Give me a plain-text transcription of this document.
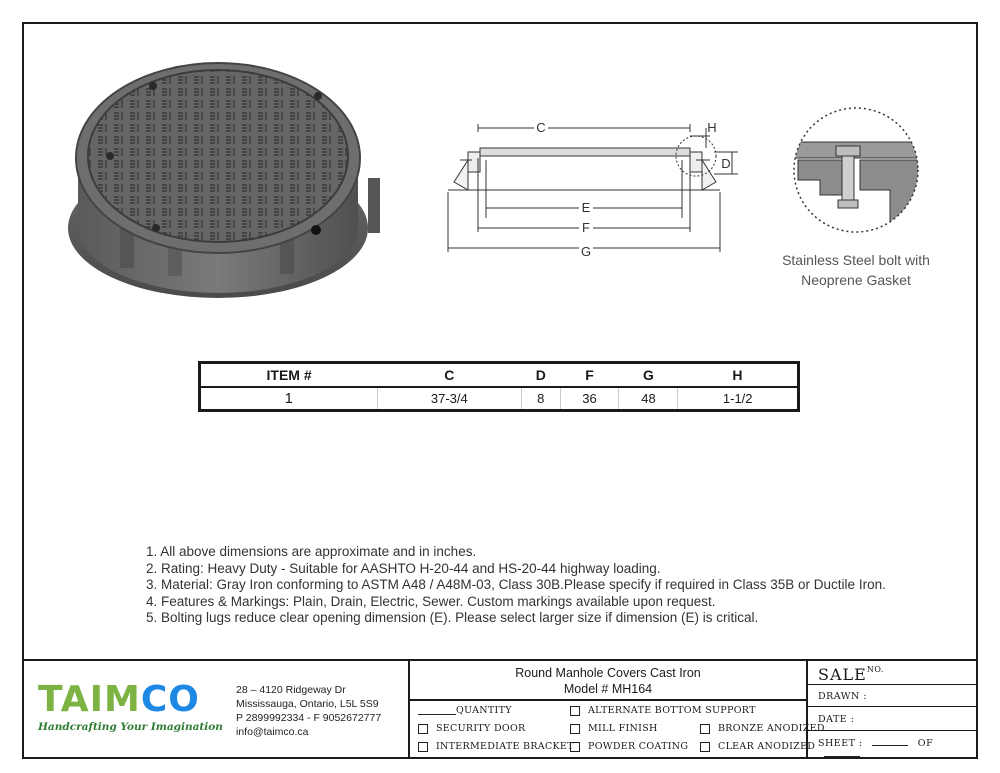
C
E
F
G
D
H
Stainless Steel bolt with
Neoprene Gasket
ITEM #	C	D	F	G	H
1	37-3/4	8	36	48	1-1/2

1. All above dimensions are approximate and in inches.

2. Rating: Heavy Duty - Suitable for AASHTO H-20-44 and HS-20-44 highway loading.

3. Material: Gray Iron conforming to ASTM A48 / A48M-03, Class 30B.Please specify if required in Class 35B or Ductile Iron.

4. Features & Markings: Plain, Drain, Electric, Sewer. Custom markings available upon request.

5. Bolting lugs reduce clear opening dimension (E). Please select larger size if dimension (E) is critical.

TAIMCO
Handcrafting Your Imagination
28 – 4120 Ridgeway Dr
Mississauga, Ontario, L5L 5S9
P 2899992334 - F 9052672777
info@taimco.ca
Round Manhole Covers Cast Iron
Model # MH164
QUANTITY
SECURITY DOOR
INTERMEDIATE BRACKET
ALTERNATE BOTTOM SUPPORT
MILL FINISH
POWDER COATING
BRONZE ANODIZED
CLEAR ANODIZED
$SALE^{NO.}$
DRAWN :
DATE :
SHEET :	OF
